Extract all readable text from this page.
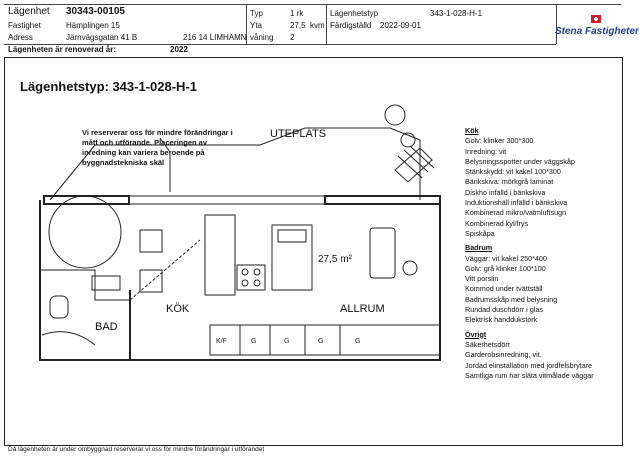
Lägenhet 30343-00105
Fastighet	Hämplingen 15
Adress	Järnvägsgatan 41 B	216 14 LIMHAMN
Lägenheten är renoverad år:	2022
Typ	1 rk
Yta	27,5 kvm
våning 2
Lägenhetstyp	343-1-028-H-1
Färdigställd 2022-09-01
Stena Fastigheter
Lägenhetstyp: 343-1-028-H-1
Vi reserverar oss för mindre förändringar i mått och utförande. Placeringen av inredning kan variera beroende på byggnadstekniska skäl
UTEPLATS
27,5 m²
KÖK	ALLRUM
BAD
K/F	G	G	G	G
Kök
Golv: klinker 300*300
Inredning: vit
Belysningsspotter under väggskåp
Stänkskydd: vit kakel 100*300
Bänkskiva: mörkgrå laminat
Diskho infälld i bänkskiva
Induktionshäll infälld i bänkskiva
Kombinerad mikro/vatmluftsugn
Kombinerad kyl/frys
Spiskåpa
Badrum
Väggar: vit kakel 250*400
Golv: grå klinker 100*100
Vitt porslin
Kommod under tvättställ
Badrumsskåp med belysning
Rundad duschdörr i glas
Elektrisk handdukstork
Övrigt
Säkerhetsdörr
Garderobsinredning, vit.
Jordad elinstallation med jordfelsbrytare
Samtliga rum har släta vitmålade väggar
Då lägenheten är under ombyggnad reserverar vi oss för mindre förändringar i utförandet
